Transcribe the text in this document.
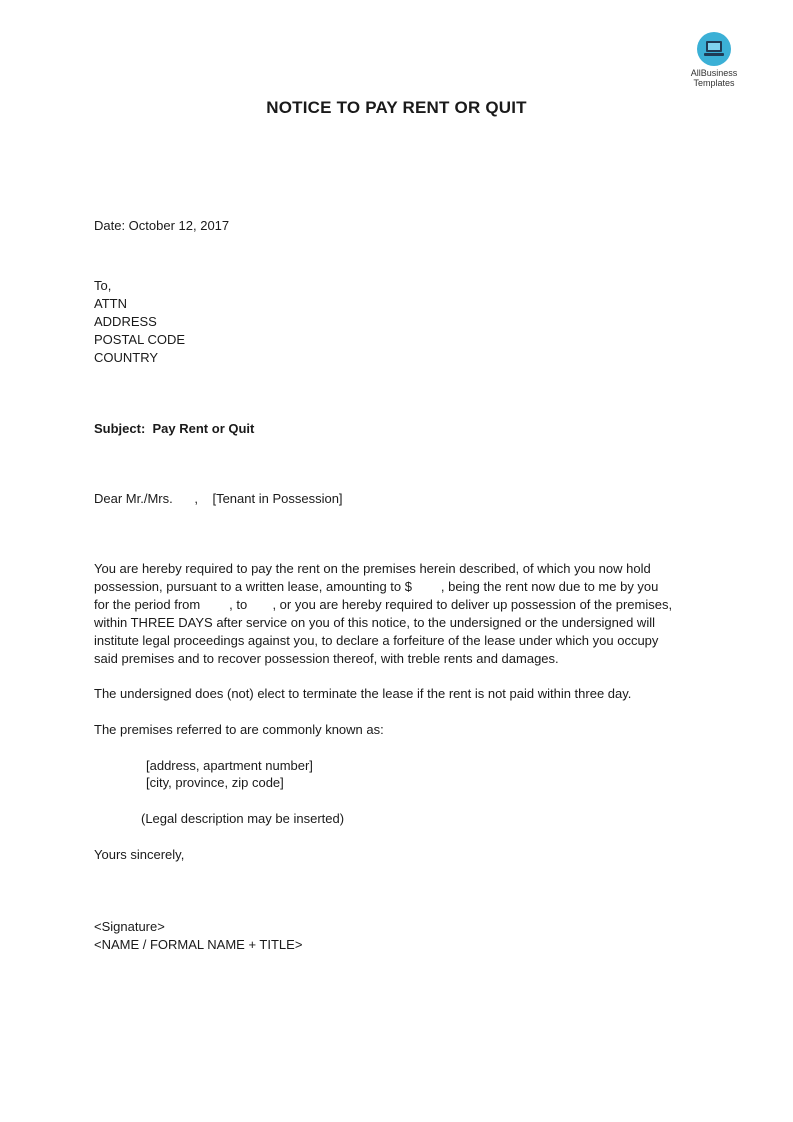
AllBusiness
Templates
NOTICE TO PAY RENT OR QUIT
Date: October 12, 2017
To,
ATTN
ADDRESS
POSTAL CODE
COUNTRY
Subject:  Pay Rent or Quit
Dear Mr./Mrs.      ,    [Tenant in Possession]
You are hereby required to pay the rent on the premises herein described, of which you now hold
possession, pursuant to a written lease, amounting to $        , being the rent now due to me by you
for the period from        , to       , or you are hereby required to deliver up possession of the premises,
within THREE DAYS after service on you of this notice, to the undersigned or the undersigned will
institute legal proceedings against you, to declare a forfeiture of the lease under which you occupy
said premises and to recover possession thereof, with treble rents and damages.
The undersigned does (not) elect to terminate the lease if the rent is not paid within three day.
The premises referred to are commonly known as:
[address, apartment number]
[city, province, zip code]
(Legal description may be inserted)
Yours sincerely,
<Signature>
<NAME / FORMAL NAME + TITLE>
